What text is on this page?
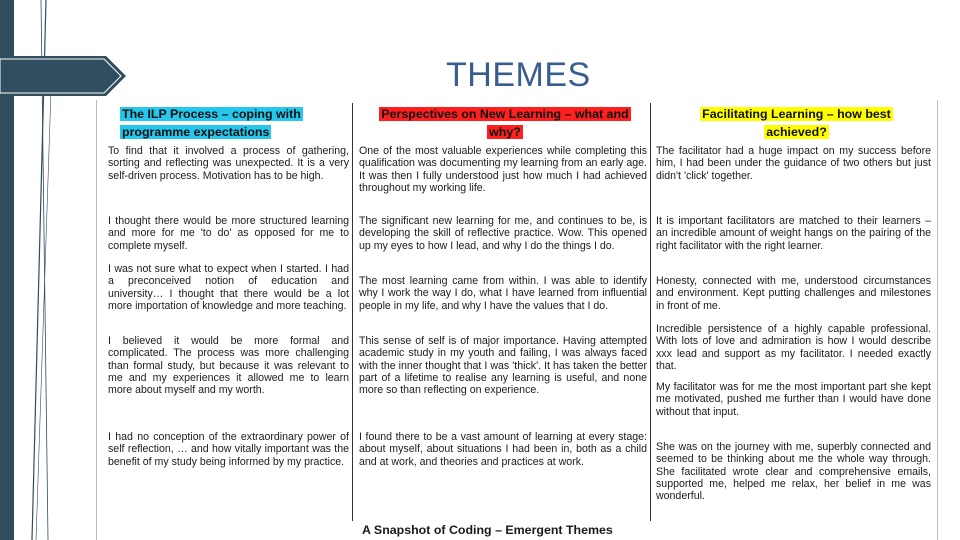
THEMES
The ILP Process – coping with programme expectations
To find that it involved a process of gathering, sorting and reflecting was unexpected. It is a very self-driven process. Motivation has to be high.
I thought there would be more structured learning and more for me 'to do' as opposed for me to complete myself.
I was not sure what to expect when I started. I had a preconceived notion of education and university… I thought that there would be a lot more importation of knowledge and more teaching.
I believed it would be more formal and complicated. The process was more challenging than formal study, but because it was relevant to me and my experiences it allowed me to learn more about myself and my worth.
I had no conception of the extraordinary power of self reflection, … and how vitally important was the benefit of my study being informed by my practice.
Perspectives on New Learning – what and why?
One of the most valuable experiences while completing this qualification was documenting my learning from an early age. It was then I fully understood just how much I had achieved throughout my working life.
The significant new learning for me, and continues to be, is developing the skill of reflective practice. Wow. This opened up my eyes to how I lead, and why I do the things I do.
The most learning came from within. I was able to identify why I work the way I do, what I have learned from influential people in my life, and why I have the values that I do.
This sense of self is of major importance. Having attempted academic study in my youth and failing, I was always faced with the inner thought that I was 'thick'. It has taken the better part of a lifetime to realise any learning is useful, and none more so than reflecting on experience.
I found there to be a vast amount of learning at every stage: about myself, about situations I had been in, both as a child and at work, and theories and practices at work.
Facilitating Learning – how best achieved?
The facilitator had a huge impact on my success before him, I had been under the guidance of two others but just didn't 'click' together.
It is important facilitators are matched to their learners – an incredible amount of weight hangs on the pairing of the right facilitator with the right learner.
Honesty, connected with me, understood circumstances and environment. Kept putting challenges and milestones in front of me.
Incredible persistence of a highly capable professional. With lots of love and admiration is how I would describe xxx lead and support as my facilitator. I needed exactly that.
My facilitator was for me the most important part she kept me motivated, pushed me further than I would have done without that input.
She was on the journey with me, superbly connected and seemed to be thinking about me the whole way through. She facilitated wrote clear and comprehensive emails, supported me, helped me relax, her belief in me was wonderful.
A Snapshot of Coding – Emergent Themes
